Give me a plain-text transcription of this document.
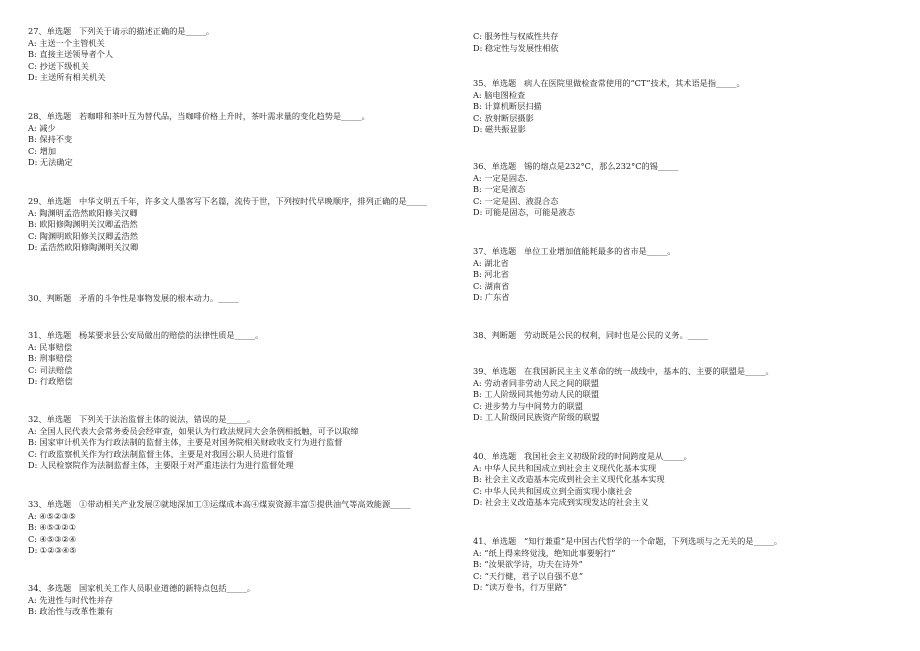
27、单选题 下列关于请示的描述正确的是_____。
A: 主送一个主管机关
B: 直接主送领导者个人
C: 抄送下级机关
D: 主送所有相关机关
28、单选题 若咖啡和茶叶互为替代品，当咖啡价格上升时，茶叶需求量的变化趋势是_____。
A: 减少
B: 保持不变
C: 增加
D: 无法确定
29、单选题 中华文明五千年，许多文人墨客写下名篇，流传于世，下列按时代早晚顺序，排列正确的是_____
A: 陶渊明孟浩然欧阳修关汉卿
B: 欧阳修陶渊明关汉卿孟浩然
C: 陶渊明欧阳修关汉卿孟浩然
D: 孟浩然欧阳修陶渊明关汉卿
30、判断题 矛盾的斗争性是事物发展的根本动力。_____
31、单选题 杨某要求县公安局做出的赔偿的法律性质是_____。
A: 民事赔偿
B: 刑事赔偿
C: 司法赔偿
D: 行政赔偿
32、单选题 下列关于法治监督主体的说法，错误的是_____。
A: 全国人民代表大会常务委员会经审查，如果认为行政法规同大会条例相抵触，可予以取缔
B: 国家审计机关作为行政法制的监督主体，主要是对国务院相关财政收支行为进行监督
C: 行政监察机关作为行政法制监督主体，主要是对我国公职人员进行监督
D: 人民检察院作为法制监督主体，主要限于对严重违法行为进行监督处理
33、单选题 ①带动相关产业发展②就地深加工③运煤成本高④煤炭资源丰富⑤提供油气等高效能源_____
A: ④⑤②③⑤
B: ④⑤③②①
C: ④⑤③②④
D: ①②③④⑤
34、多选题 国家机关工作人员职业道德的新特点包括_____。
A: 先进性与时代性并存
B: 政治性与改革性兼有
C: 服务性与权威性共存
D: 稳定性与发展性相依
35、单选题 病人在医院里做检查常使用的“CT”技术，其术语是指_____。
A: 脑电图检查
B: 计算机断层扫描
C: 放射断层摄影
D: 磁共振显影
36、单选题 锡的熔点是232°C，那么232°C的锡_____
A: 一定是固态.
B: 一定是液态
C: 一定是固、液混合态
D: 可能是固态，可能是液态
37、单选题 单位工业增加值能耗最多的省市是_____。
A: 湖北省
B: 河北省
C: 湖南省
D: 广东省
38、判断题 劳动既是公民的权利，同时也是公民的义务。_____
39、单选题 在我国新民主主义革命的统一战线中，基本的、主要的联盟是_____。
A: 劳动者同非劳动人民之间的联盟
B: 工人阶级同其他劳动人民的联盟
C: 进步势力与中间势力的联盟
D: 工人阶级同民族资产阶级的联盟
40、单选题 我国社会主义初级阶段的时间跨度是从_____。
A: 中华人民共和国成立到社会主义现代化基本实现
B: 社会主义改造基本完成到社会主义现代化基本实现
C: 中华人民共和国成立到全面实现小康社会
D: 社会主义改造基本完成到实现发达的社会主义
41、单选题 “知行兼重”是中国古代哲学的一个命题，下列选项与之无关的是_____。
A: “纸上得来终觉浅，绝知此事要躬行”
B: “汝果欲学诗，功夫在诗外”
C: “天行健，君子以自强不息”
D: “读万卷书，行万里路”
